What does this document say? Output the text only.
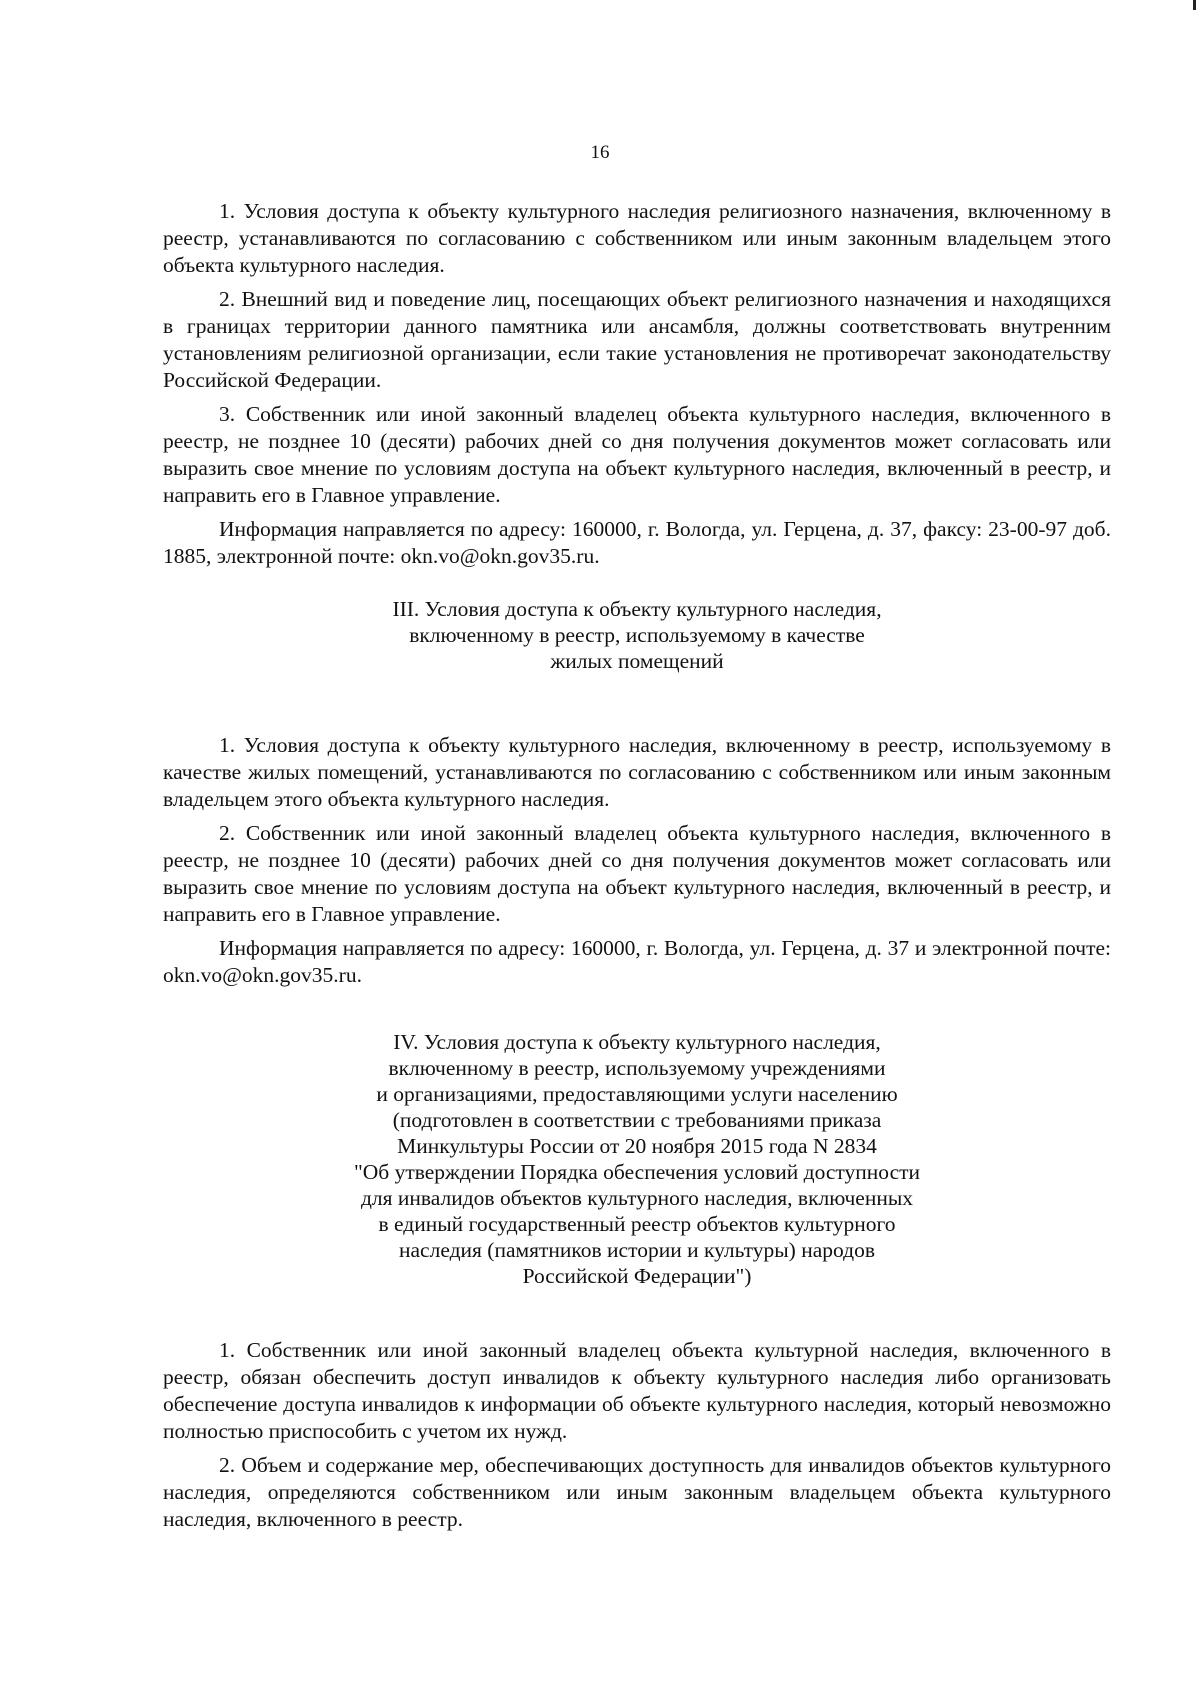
16

1. Условия доступа к объекту культурного наследия религиозного назначения, включенному в реестр, устанавливаются по согласованию с собственником или иным законным владельцем этого объекта культурного наследия.

2. Внешний вид и поведение лиц, посещающих объект религиозного назначения и находящихся в границах территории данного памятника или ансамбля, должны соответствовать внутренним установлениям религиозной организации, если такие установления не противоречат законодательству Российской Федерации.

3. Собственник или иной законный владелец объекта культурного наследия, включенного в реестр, не позднее 10 (десяти) рабочих дней со дня получения документов может согласовать или выразить свое мнение по условиям доступа на объект культурного наследия, включенный в реестр, и направить его в Главное управление.

Информация направляется по адресу: 160000, г. Вологда, ул. Герцена, д. 37, факсу: 23-00-97 доб. 1885, электронной почте: okn.vo@okn.gov35.ru.

III. Условия доступа к объекту культурного наследия,
включенному в реестр, используемому в качестве
жилых помещений

1. Условия доступа к объекту культурного наследия, включенному в реестр, используемому в качестве жилых помещений, устанавливаются по согласованию с собственником или иным законным владельцем этого объекта культурного наследия.

2. Собственник или иной законный владелец объекта культурного наследия, включенного в реестр, не позднее 10 (десяти) рабочих дней со дня получения документов может согласовать или выразить свое мнение по условиям доступа на объект культурного наследия, включенный в реестр, и направить его в Главное управление.

Информация направляется по адресу: 160000, г. Вологда, ул. Герцена, д. 37 и электронной почте: okn.vo@okn.gov35.ru.

IV. Условия доступа к объекту культурного наследия,
включенному в реестр, используемому учреждениями
и организациями, предоставляющими услуги населению
(подготовлен в соответствии с требованиями приказа
Минкультуры России от 20 ноября 2015 года N 2834
"Об утверждении Порядка обеспечения условий доступности
для инвалидов объектов культурного наследия, включенных
в единый государственный реестр объектов культурного
наследия (памятников истории и культуры) народов
Российской Федерации")

1. Собственник или иной законный владелец объекта культурной наследия, включенного в реестр, обязан обеспечить доступ инвалидов к объекту культурного наследия либо организовать обеспечение доступа инвалидов к информации об объекте культурного наследия, который невозможно полностью приспособить с учетом их нужд.

2. Объем и содержание мер, обеспечивающих доступность для инвалидов объектов культурного наследия, определяются собственником или иным законным владельцем объекта культурного наследия, включенного в реестр.
